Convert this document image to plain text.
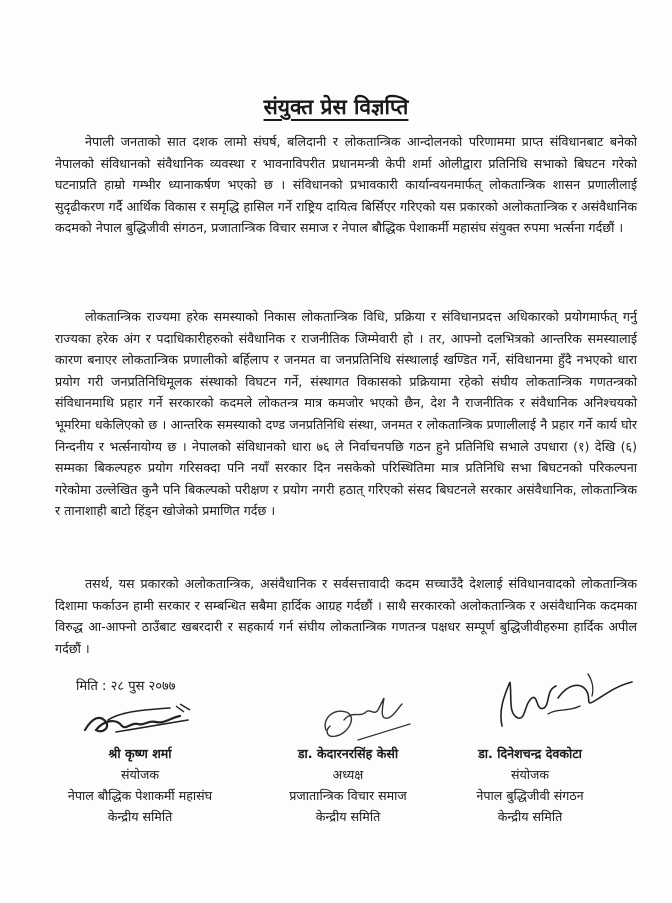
संयुक्त प्रेस विज्ञप्ति

नेपाली जनताको सात दशक लामो संघर्ष, बलिदानी र लोकतान्त्रिक आन्दोलनको परिणाममा प्राप्त संविधानबाट बनेको नेपालको संविधानको संवैधानिक व्यवस्था र भावनाविपरीत प्रधानमन्त्री केपी शर्मा ओलीद्वारा प्रतिनिधि सभाको बिघटन गरेको घटनाप्रति हाम्रो गम्भीर ध्यानाकर्षण भएको छ । संविधानको प्रभावकारी कार्यान्वयनमार्फत् लोकतान्त्रिक शासन प्रणालीलाई सुदृढीकरण गर्दै आर्थिक विकास र समृद्धि हासिल गर्ने राष्ट्रिय दायित्व बिर्सिएर गरिएको यस प्रकारको अलोकतान्त्रिक र असंवैधानिक कदमको नेपाल बुद्धिजीवी संगठन, प्रजातान्त्रिक विचार समाज र नेपाल बौद्धिक पेशाकर्मी महासंघ संयुक्त रुपमा भर्त्सना गर्दछौं ।

लोकतान्त्रिक राज्यमा हरेक समस्याको निकास लोकतान्त्रिक विधि, प्रक्रिया र संविधानप्रदत्त अधिकारको प्रयोगमार्फत् गर्नु राज्यका हरेक अंग र पदाधिकारीहरुको संवैधानिक र राजनीतिक जिम्मेवारी हो । तर, आफ्नो दलभित्रको आन्तरिक समस्यालाई कारण बनाएर लोकतान्त्रिक प्रणालीको बर्हिलाप र जनमत वा जनप्रतिनिधि संस्थालाई खण्डित गर्ने, संविधानमा हुँदै नभएको धारा प्रयोग गरी जनप्रतिनिधिमूलक संस्थाको विघटन गर्ने, संस्थागत विकासको प्रक्रियामा रहेको संघीय लोकतान्त्रिक गणतन्त्रको संविधानमाथि प्रहार गर्ने सरकारको कदमले लोकतन्त्र मात्र कमजोर भएको छैन, देश नै राजनीतिक र संवैधानिक अनिश्चयको भूमरिमा धकेलिएको छ । आन्तरिक समस्याको दण्ड जनप्रतिनिधि संस्था, जनमत र लोकतान्त्रिक प्रणालीलाई नै प्रहार गर्ने कार्य घोर निन्दनीय र भर्त्सनायोग्य छ । नेपालको संविधानको धारा ७६ ले निर्वाचनपछि गठन हुने प्रतिनिधि सभाले उपधारा (१) देखि (६) सम्मका बिकल्पहरु प्रयोग गरिसक्दा पनि नयाँ सरकार दिन नसकेको परिस्थितिमा मात्र प्रतिनिधि सभा बिघटनको परिकल्पना गरेकोमा उल्लेखित कुनै पनि बिकल्पको परीक्षण र प्रयोग नगरी हठात् गरिएको संसद बिघटनले सरकार असंवैधानिक, लोकतान्त्रिक र तानाशाही बाटो हिंड्न खोजेको प्रमाणित गर्दछ ।

तसर्थ, यस प्रकारको अलोकतान्त्रिक, असंवैधानिक र सर्वसत्तावादी कदम सच्चाउँदै देशलाई संविधानवादको लोकतान्त्रिक दिशामा फर्काउन हामी सरकार र सम्बन्धित सबैमा हार्दिक आग्रह गर्दछौं । साथै सरकारको अलोकतान्त्रिक र असंवैधानिक कदमका विरुद्ध आ-आफ्नो ठाउँबाट खबरदारी र सहकार्य गर्न संघीय लोकतान्त्रिक गणतन्त्र पक्षधर सम्पूर्ण बुद्धिजीवीहरुमा हार्दिक अपील गर्दछौं ।

मिति : २८ पुस २०७७
श्री कृष्ण शर्मा
संयोजक
नेपाल बौद्धिक पेशाकर्मी महासंघ
केन्द्रीय समिति
डा. केदारनरसिंह केसी
अध्यक्ष
प्रजातान्त्रिक विचार समाज
केन्द्रीय समिति
डा. दिनेशचन्द्र देवकोटा
संयोजक
नेपाल बुद्धिजीवी संगठन
केन्द्रीय समिति
